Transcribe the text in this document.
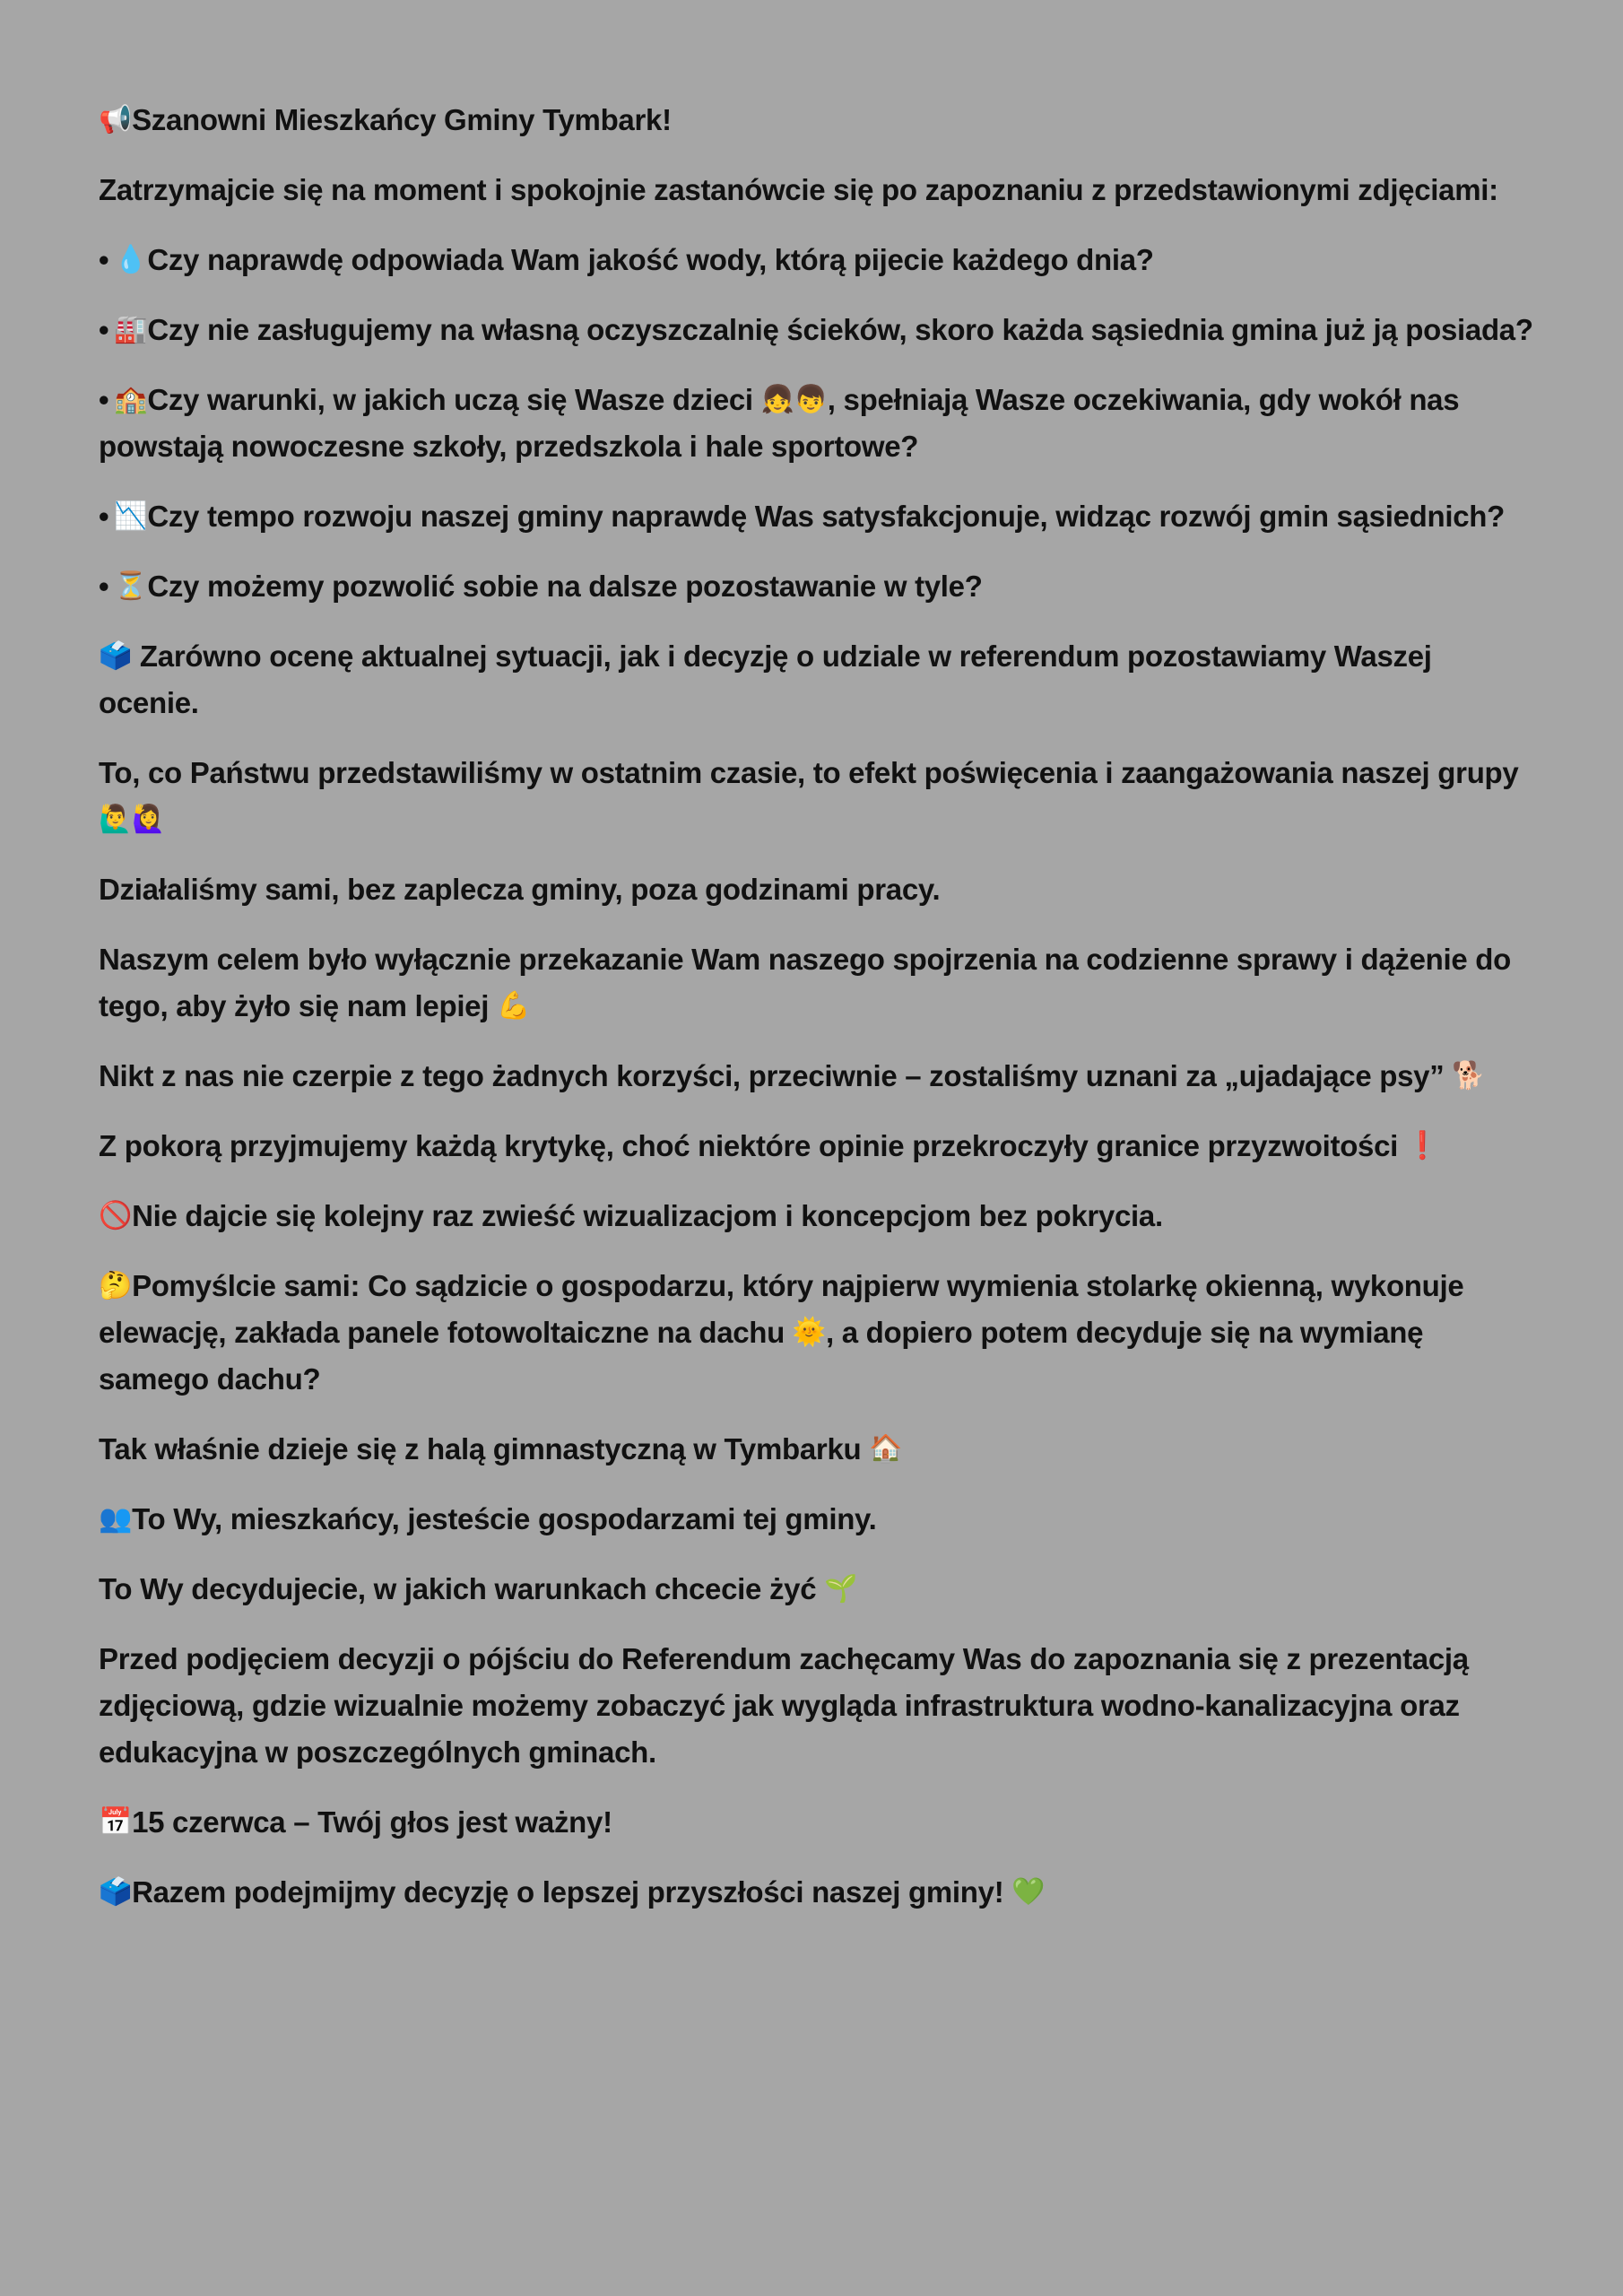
📢Szanowni Mieszkańcy Gminy Tymbark!

Zatrzymajcie się na moment i spokojnie zastanówcie się po zapoznaniu z przedstawionymi zdjęciami:

• 💧Czy naprawdę odpowiada Wam jakość wody, którą pijecie każdego dnia?

• 🏭Czy nie zasługujemy na własną oczyszczalnię ścieków, skoro każda sąsiednia gmina już ją posiada?

• 🏫Czy warunki, w jakich uczą się Wasze dzieci 👧👦, spełniają Wasze oczekiwania, gdy wokół nas powstają nowoczesne szkoły, przedszkola i hale sportowe?

• 📉Czy tempo rozwoju naszej gminy naprawdę Was satysfakcjonuje, widząc rozwój gmin sąsiednich?

• ⏳Czy możemy pozwolić sobie na dalsze pozostawanie w tyle?

🗳️ Zarówno ocenę aktualnej sytuacji, jak i decyzję o udziale w referendum pozostawiamy Waszej ocenie.

To, co Państwu przedstawiliśmy w ostatnim czasie, to efekt poświęcenia i zaangażowania naszej grupy 🙋‍♂️🙋‍♀️

Działaliśmy sami, bez zaplecza gminy, poza godzinami pracy.

Naszym celem było wyłącznie przekazanie Wam naszego spojrzenia na codzienne sprawy i dążenie do tego, aby żyło się nam lepiej 💪

Nikt z nas nie czerpie z tego żadnych korzyści, przeciwnie – zostaliśmy uznani za „ujadające psy” 🐕

Z pokorą przyjmujemy każdą krytykę, choć niektóre opinie przekroczyły granice przyzwoitości ❗

🚫Nie dajcie się kolejny raz zwieść wizualizacjom i koncepcjom bez pokrycia.

🤔Pomyślcie sami: Co sądzicie o gospodarzu, który najpierw wymienia stolarkę okienną, wykonuje elewację, zakłada panele fotowoltaiczne na dachu 🌞, a dopiero potem decyduje się na wymianę samego dachu?

Tak właśnie dzieje się z halą gimnastyczną w Tymbarku 🏠

👥To Wy, mieszkańcy, jesteście gospodarzami tej gminy.

To Wy decydujecie, w jakich warunkach chcecie żyć 🌱

Przed podjęciem decyzji o pójściu do Referendum zachęcamy Was do zapoznania się z prezentacją zdjęciową, gdzie wizualnie możemy zobaczyć jak wygląda infrastruktura wodno-kanalizacyjna oraz edukacyjna w poszczególnych gminach.

📅15 czerwca – Twój głos jest ważny!

🗳️Razem podejmijmy decyzję o lepszej przyszłości naszej gminy! 💚
